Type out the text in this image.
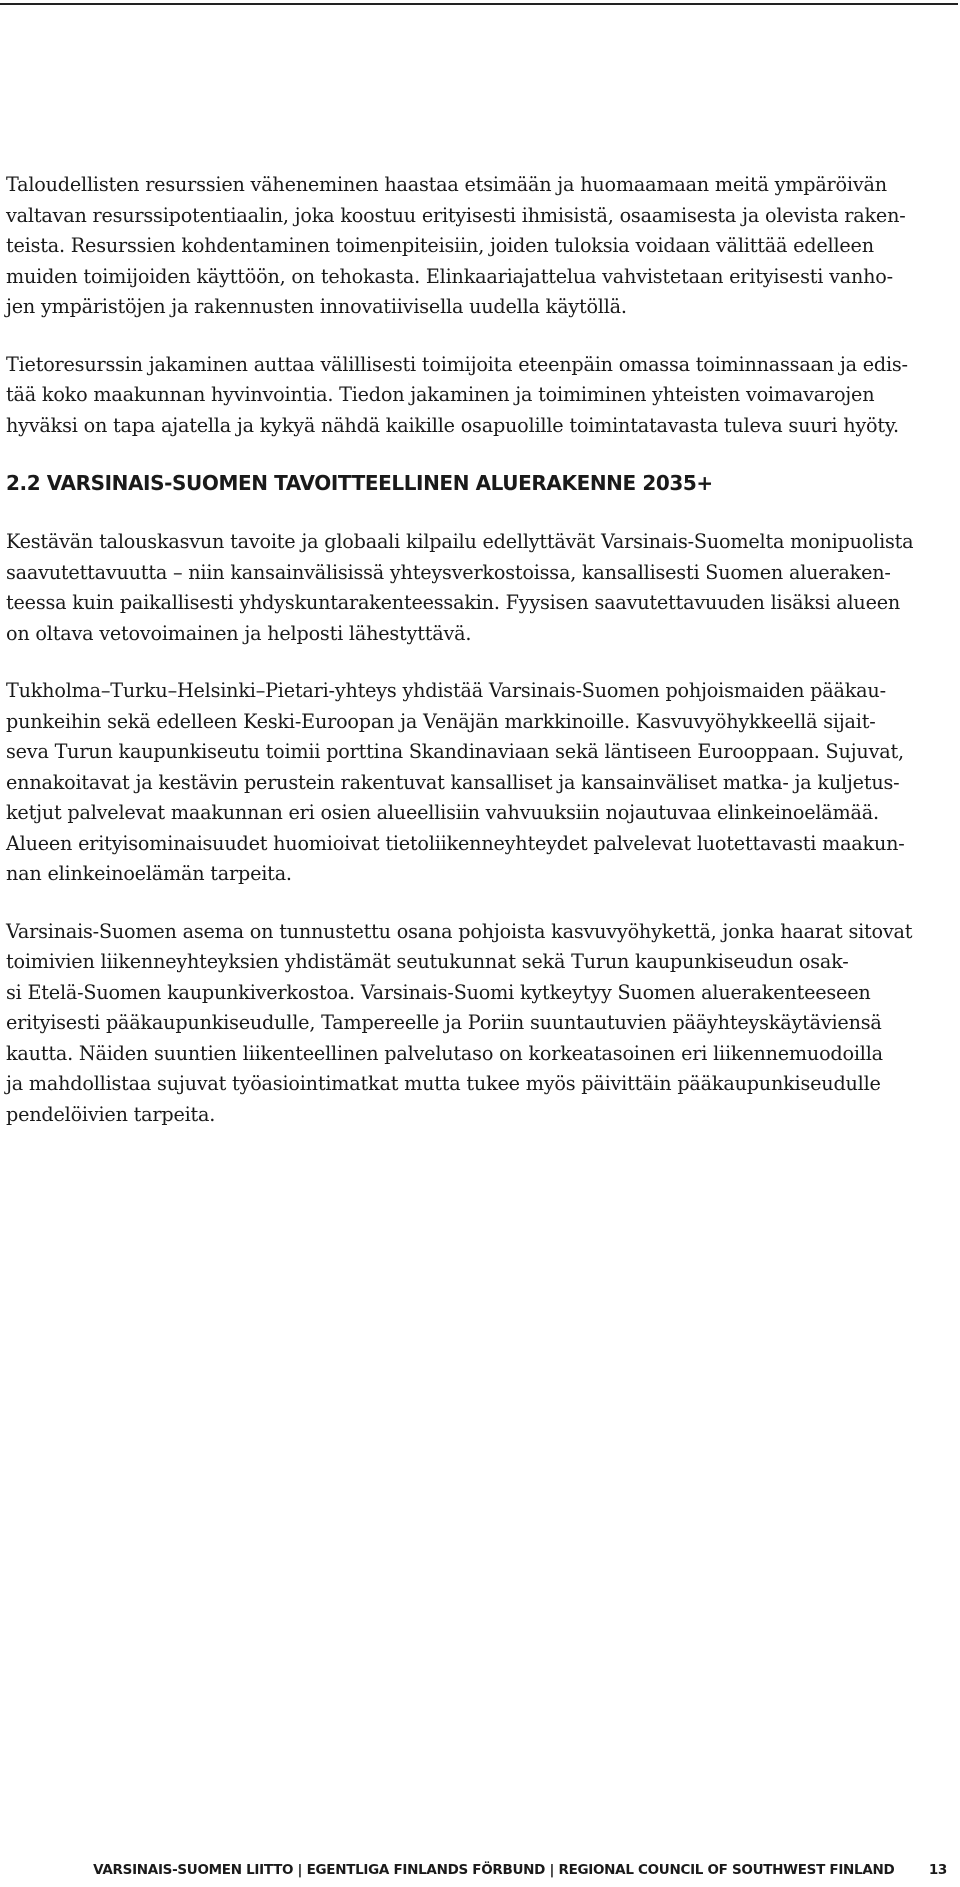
Taloudellisten resurssien väheneminen haastaa etsimään ja huomaamaan meitä ympäröivän
valtavan resurssipotentiaalin, joka koostuu erityisesti ihmisistä, osaamisesta ja olevista raken-
teista. Resurssien kohdentaminen toimenpiteisiin, joiden tuloksia voidaan välittää edelleen
muiden toimijoiden käyttöön, on tehokasta. Elinkaariajattelua vahvistetaan erityisesti vanho-
jen ympäristöjen ja rakennusten innovatiivisella uudella käytöllä.

Tietoresurssin jakaminen auttaa välillisesti toimijoita eteenpäin omassa toiminnassaan ja edis-
tää koko maakunnan hyvinvointia. Tiedon jakaminen ja toimiminen yhteisten voimavarojen
hyväksi on tapa ajatella ja kykyä nähdä kaikille osapuolille toimintatavasta tuleva suuri hyöty.

2.2 VARSINAIS-SUOMEN TAVOITTEELLINEN ALUERAKENNE 2035+

Kestävän talouskasvun tavoite ja globaali kilpailu edellyttävät Varsinais-Suomelta monipuolista
saavutettavuutta – niin kansainvälisissä yhteysverkostoissa, kansallisesti Suomen alueraken-
teessa kuin paikallisesti yhdyskuntarakenteessakin. Fyysisen saavutettavuuden lisäksi alueen
on oltava vetovoimainen ja helposti lähestyttävä.

Tukholma–Turku–Helsinki–Pietari-yhteys yhdistää Varsinais-Suomen pohjoismaiden pääkau-
punkeihin sekä edelleen Keski-Euroopan ja Venäjän markkinoille. Kasvuvyöhykkeellä sijait-
seva Turun kaupunkiseutu toimii porttina Skandinaviaan sekä läntiseen Eurooppaan. Sujuvat,
ennakoitavat ja kestävin perustein rakentuvat kansalliset ja kansainväliset matka- ja kuljetus-
ketjut palvelevat maakunnan eri osien alueellisiin vahvuuksiin nojautuvaa elinkeinoelämää.
Alueen erityisominaisuudet huomioivat tietoliikenneyhteydet palvelevat luotettavasti maakun-
nan elinkeinoelämän tarpeita.

Varsinais-Suomen asema on tunnustettu osana pohjoista kasvuvyöhykettä, jonka haarat sitovat
toimivien liikenneyhteyksien yhdistämät seutukunnat sekä Turun kaupunkiseudun osak-
si Etelä-Suomen kaupunkiverkostoa. Varsinais-Suomi kytkeytyy Suomen aluerakenteeseen
erityisesti pääkaupunkiseudulle, Tampereelle ja Poriin suuntautuvien pääyhteyskäytäviensä
kautta. Näiden suuntien liikenteellinen palvelutaso on korkeatasoinen eri liikennemuodoilla
ja mahdollistaa sujuvat työasiointimatkat mutta tukee myös päivittäin pääkaupunkiseudulle
pendelöivien tarpeita.

VARSINAIS-SUOMEN LIITTO | EGENTLIGA FINLANDS FÖRBUND | REGIONAL COUNCIL OF SOUTHWEST FINLAND	13
